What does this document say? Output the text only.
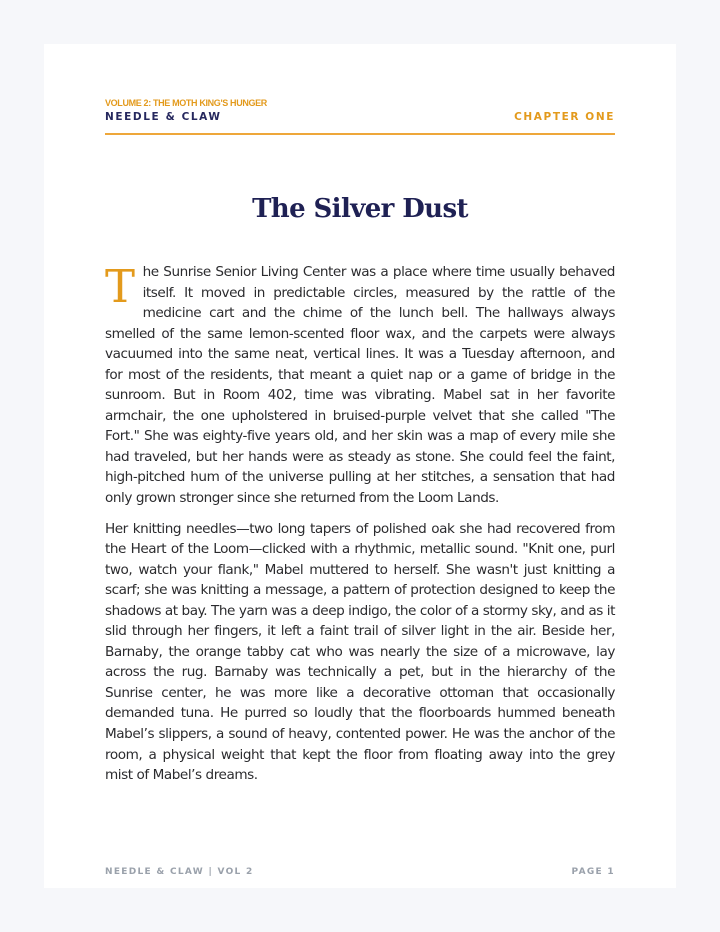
VOLUME 2: THE MOTH KING'S HUNGER
NEEDLE & CLAW	CHAPTER ONE
The Silver Dust

The Sunrise Senior Living Center was a place where time usually behaved itself. It moved in predictable circles, measured by the rattle of the medicine cart and the chime of the lunch bell. The hallways always smelled of the same lemon-scented floor wax, and the carpets were always vacuumed into the same neat, vertical lines. It was a Tuesday afternoon, and for most of the residents, that meant a quiet nap or a game of bridge in the sunroom. But in Room 402, time was vibrating. Mabel sat in her favorite armchair, the one upholstered in bruised-purple velvet that she called "The Fort." She was eighty-five years old, and her skin was a map of every mile she had traveled, but her hands were as steady as stone. She could feel the faint, high-pitched hum of the universe pulling at her stitches, a sensation that had only grown stronger since she returned from the Loom Lands.

Her knitting needles—two long tapers of polished oak she had recovered from the Heart of the Loom—clicked with a rhythmic, metallic sound. "Knit one, purl two, watch your flank," Mabel muttered to herself. She wasn't just knitting a scarf; she was knitting a message, a pattern of protection designed to keep the shadows at bay. The yarn was a deep indigo, the color of a stormy sky, and as it slid through her fingers, it left a faint trail of silver light in the air. Beside her, Barnaby, the orange tabby cat who was nearly the size of a microwave, lay across the rug. Barnaby was technically a pet, but in the hierarchy of the Sunrise center, he was more like a decorative ottoman that occasionally demanded tuna. He purred so loudly that the floorboards hummed beneath Mabel’s slippers, a sound of heavy, contented power. He was the anchor of the room, a physical weight that kept the floor from floating away into the grey mist of Mabel’s dreams.

NEEDLE & CLAW | VOL 2	PAGE 1
